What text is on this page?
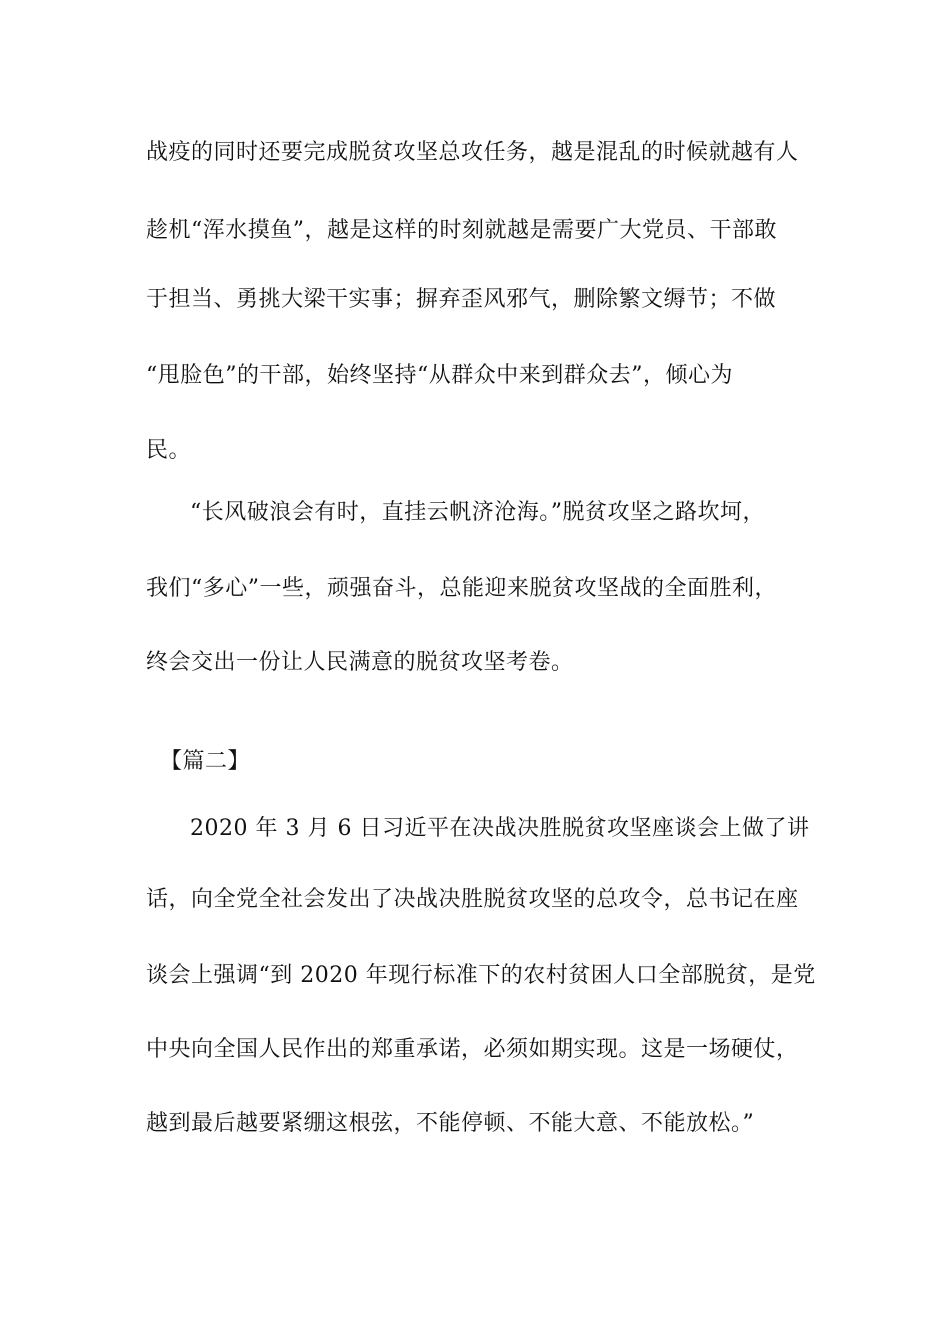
战疫的同时还要完成脱贫攻坚总攻任务，越是混乱的时候就越有人
趁机“浑水摸鱼”，越是这样的时刻就越是需要广大党员、干部敢
于担当、勇挑大梁干实事；摒弃歪风邪气，删除繁文缛节；不做
“甩脸色”的干部，始终坚持“从群众中来到群众去”，倾心为
民。
“长风破浪会有时，直挂云帆济沧海。”脱贫攻坚之路坎坷，
我们“多心”一些，顽强奋斗，总能迎来脱贫攻坚战的全面胜利，
终会交出一份让人民满意的脱贫攻坚考卷。
【篇二】
2020 年 3 月 6 日习近平在决战决胜脱贫攻坚座谈会上做了讲
话，向全党全社会发出了决战决胜脱贫攻坚的总攻令，总书记在座
谈会上强调“到 2020 年现行标准下的农村贫困人口全部脱贫，是党
中央向全国人民作出的郑重承诺，必须如期实现。这是一场硬仗，
越到最后越要紧绷这根弦，不能停顿、不能大意、不能放松。”
